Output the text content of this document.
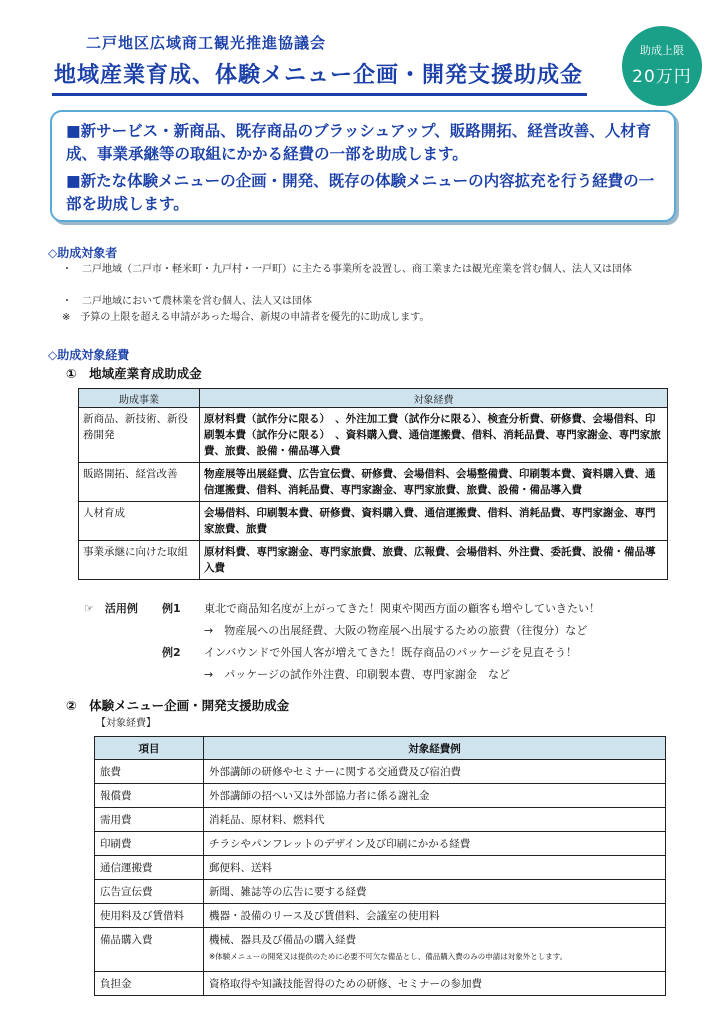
二戸地区広域商工観光推進協議会
地域産業育成、体験メニュー企画・開発支援助成金
助成上限
20万円

■新サービス・新商品、既存商品のブラッシュアップ、販路開拓、経営改善、人材育成、事業承継等の取組にかかる経費の一部を助成します。

■新たな体験メニューの企画・開発、既存の体験メニューの内容拡充を行う経費の一部を助成します。

◇助成対象者
・　二戸地域（二戸市・軽米町・九戸村・一戸町）に主たる事業所を設置し、商工業または観光産業を営む個人、法人又は団体
・　二戸地域において農林業を営む個人、法人又は団体
※　予算の上限を超える申請があった場合、新規の申請者を優先的に助成します。
◇助成対象経費
①　地域産業育成助成金
助成事業	対象経費
新商品、新技術、新役務開発	原材料費（試作分に限る）　、外注加工費（試作分に限る）、検査分析費、研修費、会場借料、印刷製本費（試作分に限る）　、資料購入費、通信運搬費、借料、消耗品費、専門家謝金、専門家旅費、旅費、設備・備品導入費
販路開拓、経営改善	物産展等出展経費、広告宣伝費、研修費、会場借料、会場整備費、印刷製本費、資料購入費、通信運搬費、借料、消耗品費、専門家謝金、専門家旅費、旅費、設備・備品導入費
人材育成	会場借料、印刷製本費、研修費、資料購入費、通信運搬費、借料、消耗品費、専門家謝金、専門家旅費、旅費
事業承継に向けた取組	原材料費、専門家謝金、専門家旅費、旅費、広報費、会場借料、外注費、委託費、設備・備品導入費
☞　活用例 例1 東北で商品知名度が上がってきた！関東や関西方面の顧客も増やしていきたい！
→　物産展への出展経費、大阪の物産展へ出展するための旅費（往復分）など
例2 インバウンドで外国人客が増えてきた！既存商品のパッケージを見直そう！
→　パッケージの試作外注費、印刷製本費、専門家謝金　など
②　体験メニュー企画・開発支援助成金
【対象経費】
項目	対象経費例
旅費	外部講師の研修やセミナーに関する交通費及び宿泊費
報償費	外部講師の招へい又は外部協力者に係る謝礼金
需用費	消耗品、原材料、燃料代
印刷費	チラシやパンフレットのデザイン及び印刷にかかる経費
通信運搬費	郵便料、送料
広告宣伝費	新聞、雑誌等の広告に要する経費
使用料及び賃借料	機器・設備のリース及び賃借料、会議室の使用料
備品購入費	機械、器具及び備品の購入経費
※体験メニューの開発又は提供のために必要不可欠な備品とし、備品購入費のみの申請は対象外とします。

負担金	資格取得や知識技能習得のための研修、セミナーの参加費
